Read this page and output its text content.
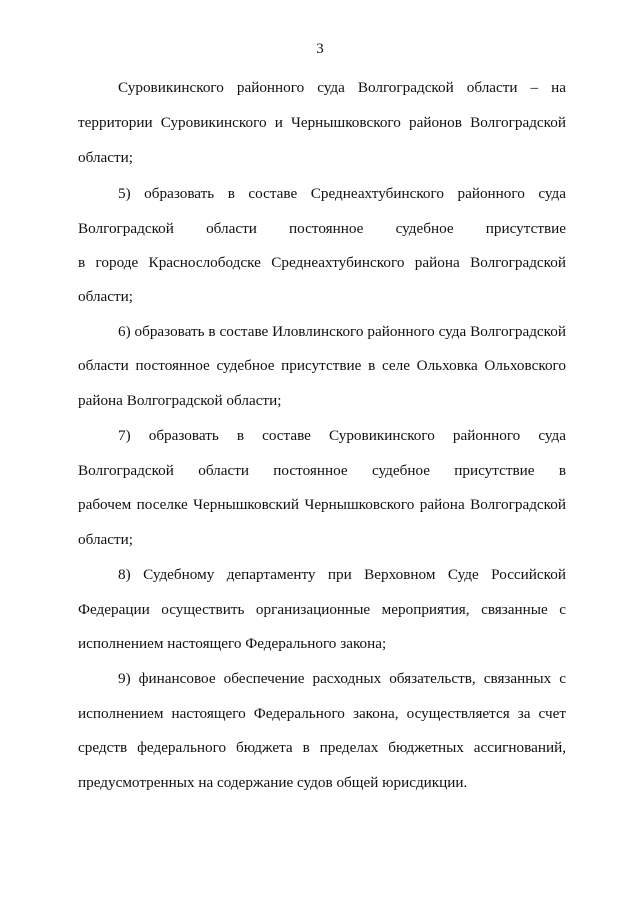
3
Суровикинского районного суда Волгоградской области – на
территории Суровикинского и Чернышковского районов Волгоградской
области;
5) образовать в составе Среднеахтубинского районного суда
Волгоградской области постоянное судебное присутствие
в городе Краснослободске Среднеахтубинского района Волгоградской
области;
6) образовать в составе Иловлинского районного суда Волгоградской
области постоянное судебное присутствие в селе Ольховка Ольховского
района Волгоградской области;
7) образовать в составе Суровикинского районного суда
Волгоградской области постоянное судебное присутствие в
рабочем поселке Чернышковский Чернышковского района Волгоградской
области;
8) Судебному департаменту при Верховном Суде Российской
Федерации осуществить организационные мероприятия, связанные с
исполнением настоящего Федерального закона;
9) финансовое обеспечение расходных обязательств, связанных с
исполнением настоящего Федерального закона, осуществляется за счет
средств федерального бюджета в пределах бюджетных ассигнований,
предусмотренных на содержание судов общей юрисдикции.
